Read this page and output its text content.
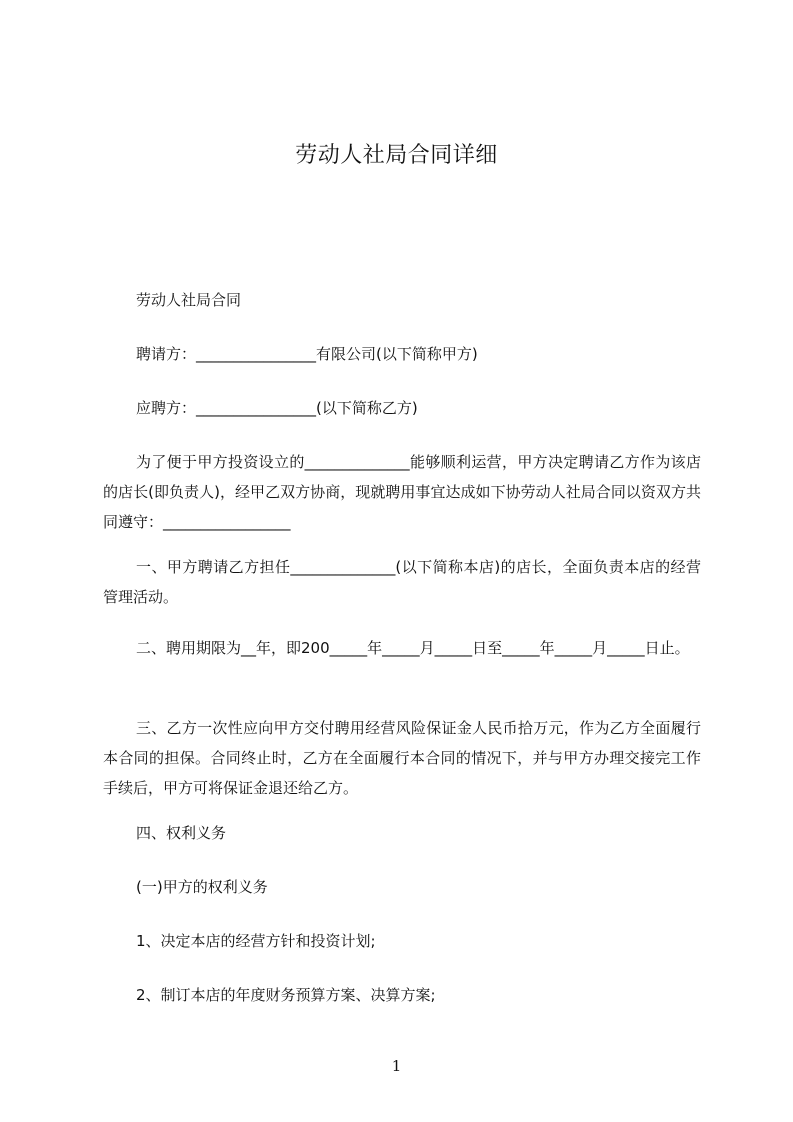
劳动人社局合同详细
劳动人社局合同
聘请方：________________有限公司(以下简称甲方)
应聘方：________________(以下简称乙方)
为了便于甲方投资设立的______________能够顺利运营，甲方决定聘请乙方作为该店的店长(即负责人)，经甲乙双方协商，现就聘用事宜达成如下协劳动人社局合同以资双方共同遵守：_________________
一、甲方聘请乙方担任______________(以下简称本店)的店长，全面负责本店的经营管理活动。
二、聘用期限为__年，即200_____年_____月_____日至_____年_____月_____日止。
三、乙方一次性应向甲方交付聘用经营风险保证金人民币拾万元，作为乙方全面履行本合同的担保。合同终止时，乙方在全面履行本合同的情况下，并与甲方办理交接完工作手续后，甲方可将保证金退还给乙方。
四、权利义务
(一)甲方的权利义务
1、决定本店的经营方针和投资计划;
2、制订本店的年度财务预算方案、决算方案;
1
